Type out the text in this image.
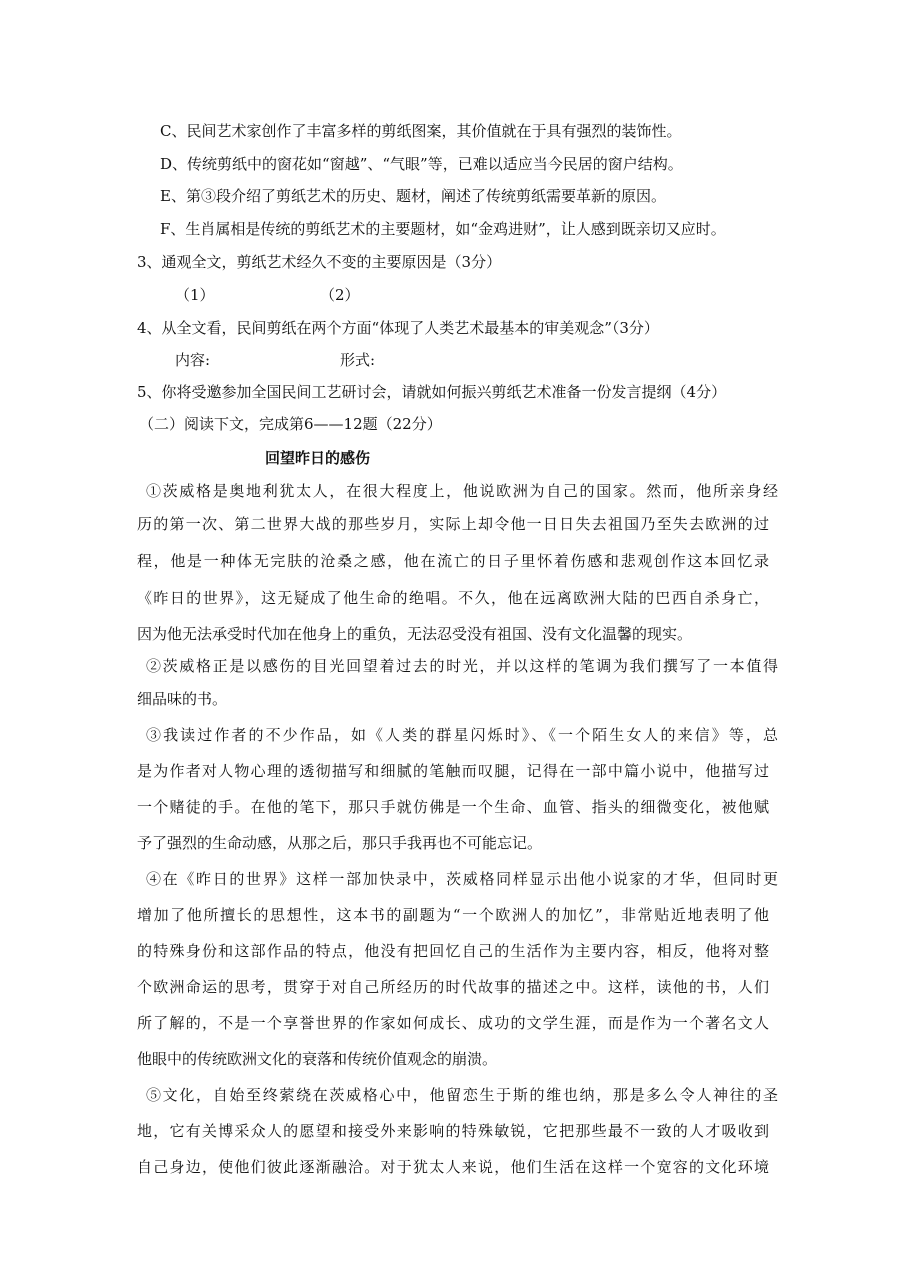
C、民间艺术家创作了丰富多样的剪纸图案，其价值就在于具有强烈的装饰性。
D、传统剪纸中的窗花如“窗越”、“气眼”等，已难以适应当今民居的窗户结构。
E、第③段介绍了剪纸艺术的历史、题材，阐述了传统剪纸需要革新的原因。
F、生肖属相是传统的剪纸艺术的主要题材，如“金鸡进财”，让人感到既亲切又应时。
3、通观全文，剪纸艺术经久不变的主要原因是（3分）
（1）	（2）
4、从全文看，民间剪纸在两个方面“体现了人类艺术最基本的审美观念”（3分）
内容:	形式:
5、你将受邀参加全国民间工艺研讨会，请就如何振兴剪纸艺术准备一份发言提纲（4分）
（二）阅读下文，完成第6——12题（22分）
回望昨日的感伤
①茨威格是奥地利犹太人，在很大程度上，他说欧洲为自己的国家。然而，他所亲身经
历的第一次、第二世界大战的那些岁月，实际上却令他一日日失去祖国乃至失去欧洲的过
程，他是一种体无完肤的沧桑之感，他在流亡的日子里怀着伤感和悲观创作这本回忆录
《昨日的世界》，这无疑成了他生命的绝唱。不久，他在远离欧洲大陆的巴西自杀身亡，
因为他无法承受时代加在他身上的重负，无法忍受没有祖国、没有文化温馨的现实。
②茨威格正是以感伤的目光回望着过去的时光，并以这样的笔调为我们撰写了一本值得
细品味的书。
③我读过作者的不少作品，如《人类的群星闪烁时》、《一个陌生女人的来信》等，总
是为作者对人物心理的透彻描写和细腻的笔触而叹腿，记得在一部中篇小说中，他描写过
一个赌徒的手。在他的笔下，那只手就仿佛是一个生命、血管、指头的细微变化，被他赋
予了强烈的生命动感，从那之后，那只手我再也不可能忘记。
④在《昨日的世界》这样一部加快录中，茨威格同样显示出他小说家的才华，但同时更
增加了他所擅长的思想性，这本书的副题为“一个欧洲人的加忆”，非常贴近地表明了他
的特殊身份和这部作品的特点，他没有把回忆自己的生活作为主要内容，相反，他将对整
个欧洲命运的思考，贯穿于对自己所经历的时代故事的描述之中。这样，读他的书，人们
所了解的，不是一个享誉世界的作家如何成长、成功的文学生涯，而是作为一个著名文人
他眼中的传统欧洲文化的衰落和传统价值观念的崩溃。
⑤文化，自始至终萦绕在茨威格心中，他留恋生于斯的维也纳，那是多么令人神往的圣
地，它有关博采众人的愿望和接受外来影响的特殊敏锐，它把那些最不一致的人才吸收到
自己身边，使他们彼此逐渐融洽。对于犹太人来说，他们生活在这样一个宽容的文化环境
